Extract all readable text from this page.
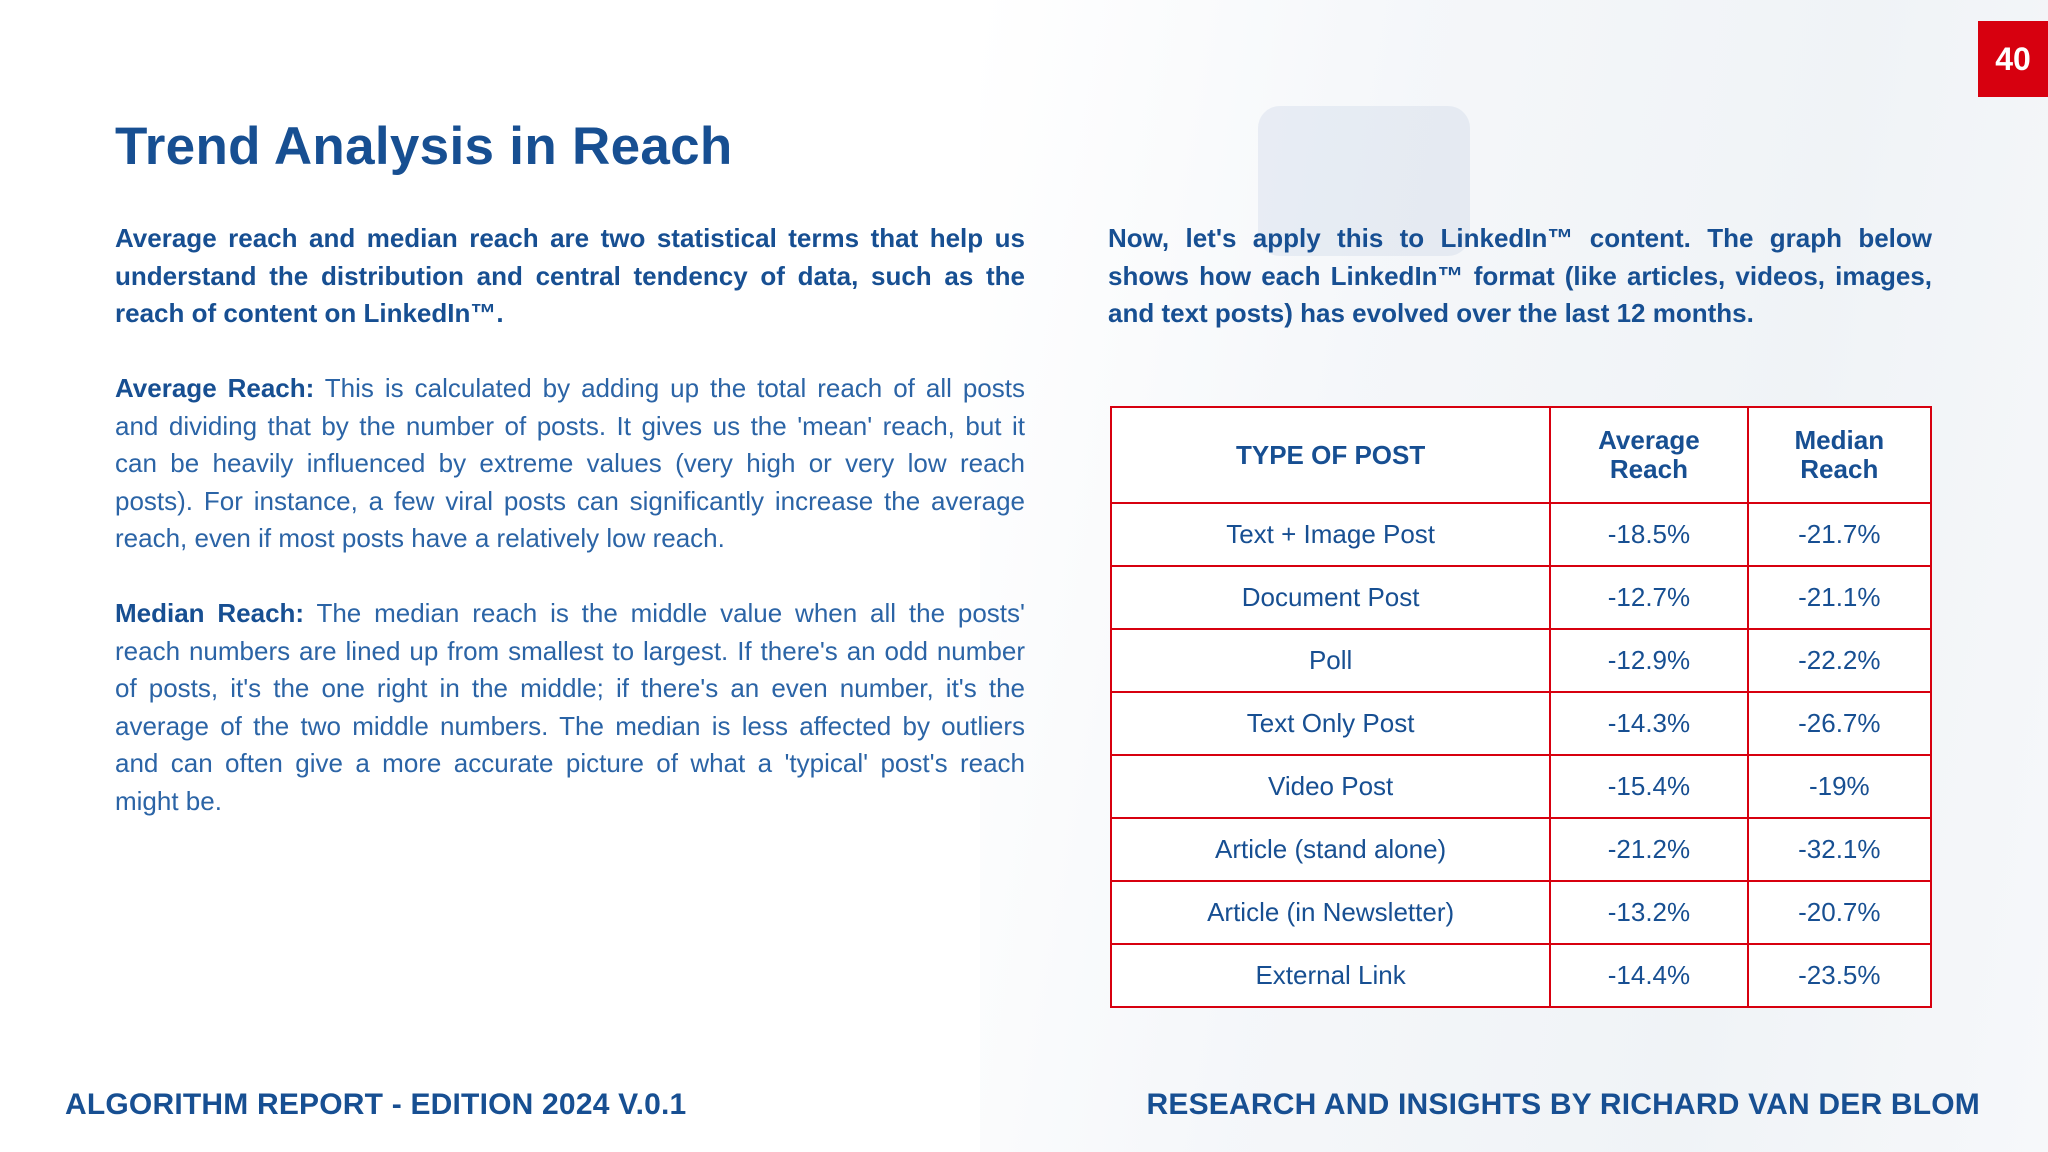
40
Trend Analysis in Reach

Average reach and median reach are two statistical terms that help us understand the distribution and central tendency of data, such as the reach of content on LinkedIn™.

Average Reach: This is calculated by adding up the total reach of all posts and dividing that by the number of posts. It gives us the 'mean' reach, but it can be heavily influenced by extreme values (very high or very low reach posts). For instance, a few viral posts can significantly increase the average reach, even if most posts have a relatively low reach.

Median Reach: The median reach is the middle value when all the posts' reach numbers are lined up from smallest to largest. If there's an odd number of posts, it's the one right in the middle; if there's an even number, it's the average of the two middle numbers. The median is less affected by outliers and can often give a more accurate picture of what a 'typical' post's reach might be.

Now, let's apply this to LinkedIn™ content. The graph below shows how each LinkedIn™ format (like articles, videos, images, and text posts) has evolved over the last 12 months.

TYPE OF POST	Average Reach	Median Reach
Text + Image Post	-18.5%	-21.7%
Document Post	-12.7%	-21.1%
Poll	-12.9%	-22.2%
Text Only Post	-14.3%	-26.7%
Video Post	-15.4%	-19%
Article (stand alone)	-21.2%	-32.1%
Article (in Newsletter)	-13.2%	-20.7%
External Link	-14.4%	-23.5%
ALGORITHM REPORT - EDITION 2024 V.0.1	RESEARCH AND INSIGHTS BY RICHARD VAN DER BLOM
